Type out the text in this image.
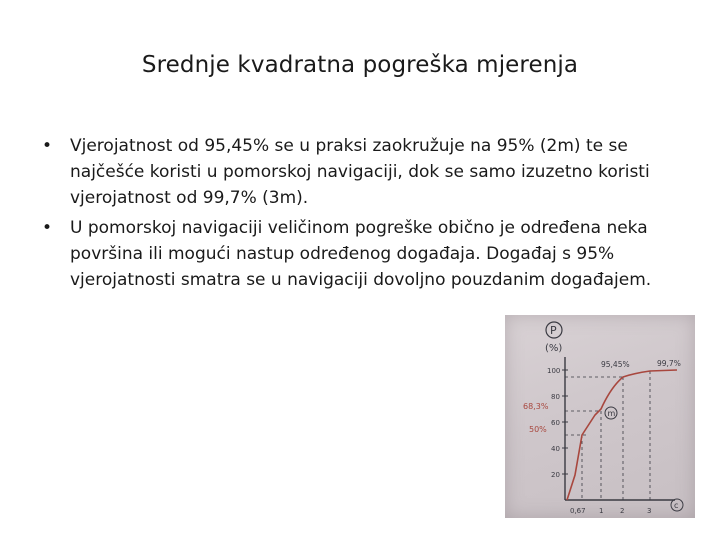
Srednje kvadratna pogreška mjerenja
• Vjerojatnost od 95,45% se u praksi zaokružuje na 95% (2m) te se najčešće koristi u pomorskoj navigaciji, dok se samo izuzetno koristi vjerojatnost od 99,7% (3m).
• U pomorskoj navigaciji veličinom pogreške obično je određena neka površina ili mogući nastup određenog događaja. Događaj s 95% vjerojatnosti smatra se u navigaciji dovoljno pouzdanim događajem.
P
(%)
100
80
60
40
20
68,3%
50%
95,45%	99,7%
m
0,67 1 2	3
c
